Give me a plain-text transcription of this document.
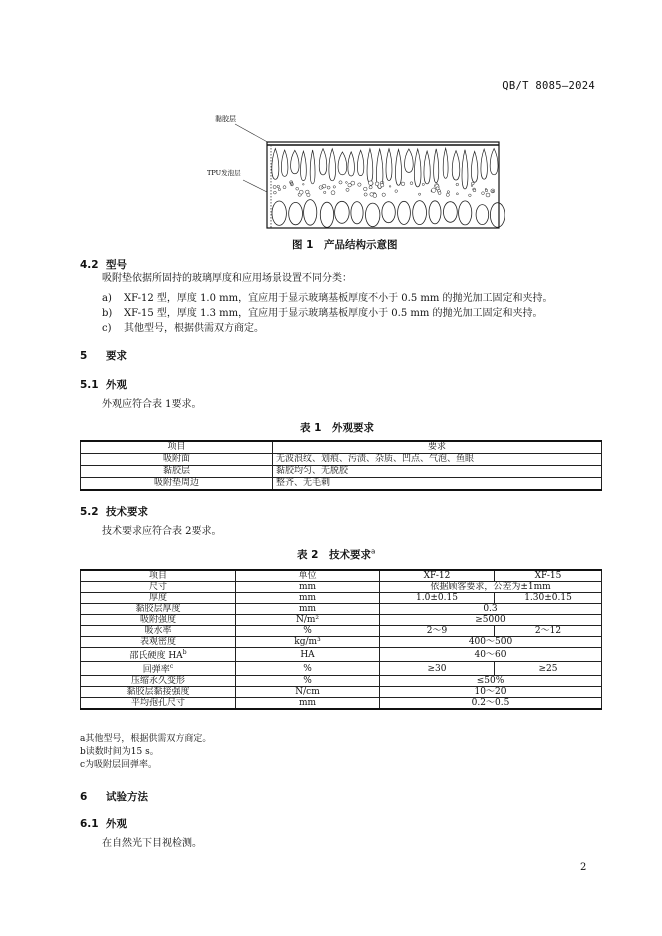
QB/T 8085—2024
黏胶层
TPU发泡层
图 1　产品结构示意图
4.2 型号
吸附垫依据所固持的玻璃厚度和应用场景设置不同分类：
a) XF-12 型，厚度 1.0 mm，宜应用于显示玻璃基板厚度不小于 0.5 mm 的抛光加工固定和夹持。
b) XF-15 型，厚度 1.3 mm，宜应用于显示玻璃基板厚度小于 0.5 mm 的抛光加工固定和夹持。
c) 其他型号，根据供需双方商定。
5 要求
5.1 外观
外观应符合表 1要求。
表 1　外观要求
项目	要求
吸附面	无波浪纹、划痕、污渍、杂质、凹点、气泡、鱼眼
黏胶层	黏胶均匀、无脱胶
吸附垫周边	整齐、无毛刺
5.2 技术要求
技术要求应符合表 2要求。
表 2　技术要求$^a$
项目	单位	XF-12	XF-15
尺寸	mm	依据顾客要求，公差为±1mm	
厚度	mm	1.0±0.15	1.30±0.15
黏胶层厚度	mm	0.3	
吸附强度	N/m²	≥5000	
吸水率	%	2～9	2～12
表观密度	kg/m³	400～500	
邵氏硬度 $HA^b$	HA	40～60	
回弹率$^c$	%	≥30	≥25
压缩永久变形	%	≤50%	
黏胶层黏接强度	N/cm	10～20	
平均孢孔尺寸	mm	0.2～0.5	
a其他型号，根据供需双方商定。
b读数时间为15 s。
c为吸附层回弹率。
6 试验方法
6.1 外观
在自然光下目视检测。
2
